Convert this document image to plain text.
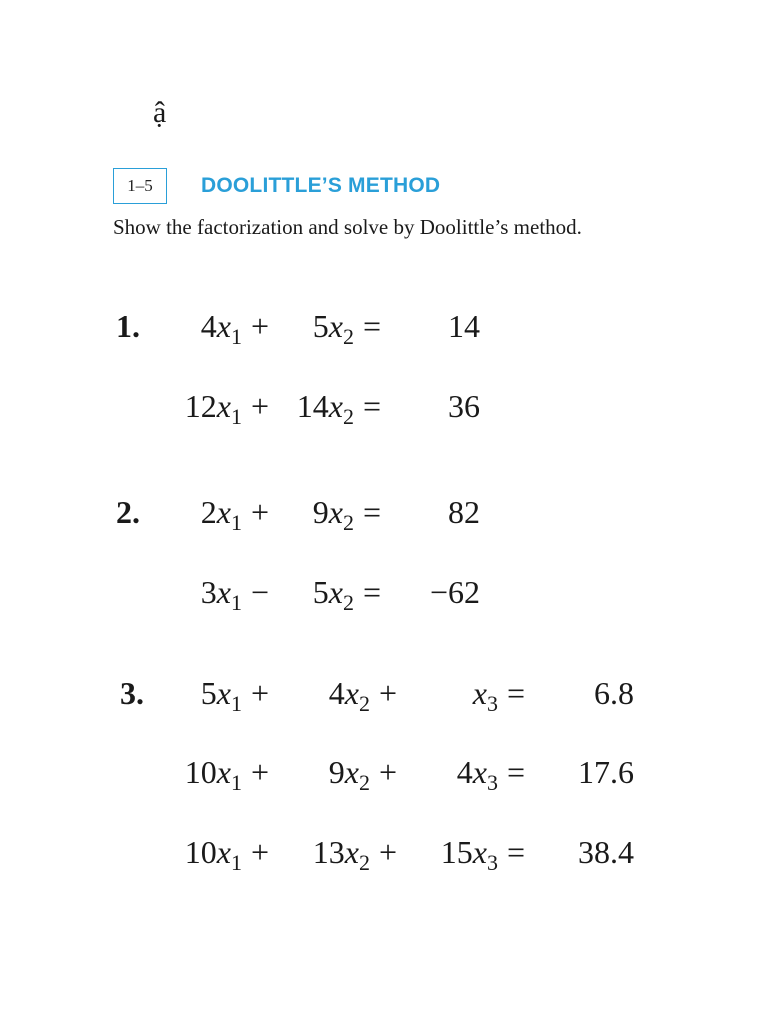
ậ
1–5	DOOLITTLE’S METHOD
Show the factorization and solve by Doolittle’s method.
1.
2.
3.
$4x_1 + 5x_2 = 14$
$12x_1 + 14x_2 = 36$
$2x_1 + 9x_2 = 82$
$3x_1 - 5x_2 = -62$
$5x_1 + 4x_2 + x_3 = 6.8$
$10x_1 + 9x_2 + 4x_3 = 17.6$
$10x_1 + 13x_2 + 15x_3 = 38.4$
